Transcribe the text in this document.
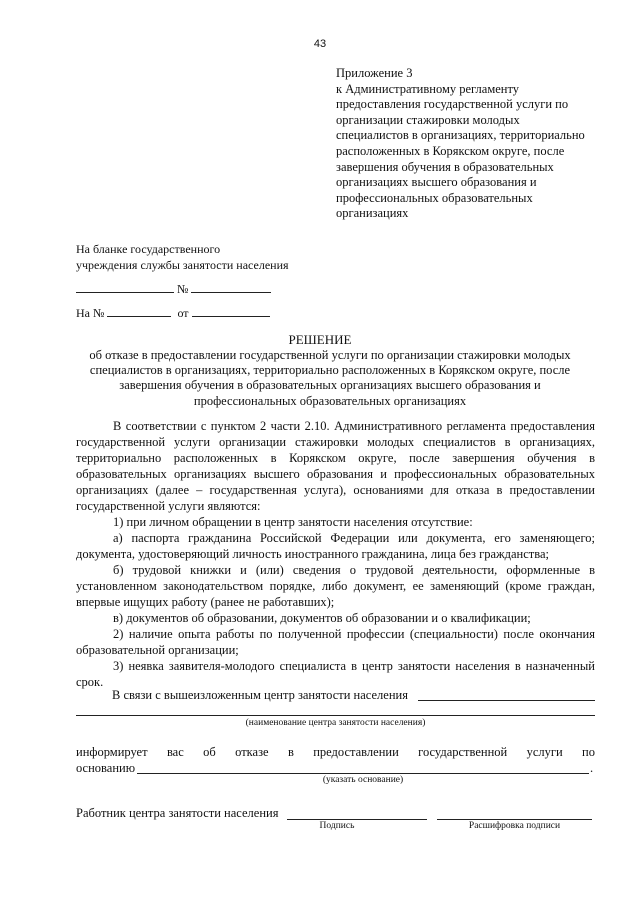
43
Приложение 3
к Административному регламенту
предоставления государственной услуги по
организации стажировки молодых
специалистов в организациях, территориально
расположенных в Корякском округе, после
завершения обучения в образовательных
организациях высшего образования и
профессиональных образовательных
организациях
На бланке государственного
учреждения службы занятости населения
№
На №	от
РЕШЕНИЕ
об отказе в предоставлении государственной услуги по организации стажировки молодых
специалистов в организациях, территориально расположенных в Корякском округе, после
завершения обучения в образовательных организациях высшего образования и
профессиональных образовательных организациях
В соответствии с пунктом 2 части 2.10. Административного регламента предоставления
государственной услуги организации стажировки молодых специалистов в организациях,
территориально расположенных в Корякском округе, после завершения обучения в
образовательных организациях высшего образования и профессиональных образовательных
организациях (далее – государственная услуга), основаниями для отказа в предоставлении
государственной услуги являются:
1) при личном обращении в центр занятости населения отсутствие:
а) паспорта гражданина Российской Федерации или документа, его заменяющего;
документа, удостоверяющий личность иностранного гражданина, лица без гражданства;
б) трудовой книжки и (или) сведения о трудовой деятельности, оформленные в
установленном законодательством порядке, либо документ, ее заменяющий (кроме граждан,
впервые ищущих работу (ранее не работавших);
в) документов об образовании, документов об образовании и о квалификации;
2) наличие опыта работы по полученной профессии (специальности) после окончания
образовательной организации;
3) неявка заявителя-молодого специалиста в центр занятости населения в назначенный
срок.
В связи с вышеизложенным центр занятости населения
(наименование центра занятости населения)
информирует вас об отказе в предоставлении государственной услуги по
основанию	.
(указать основание)
Работник центра занятости населения
Подпись	Расшифровка подписи
